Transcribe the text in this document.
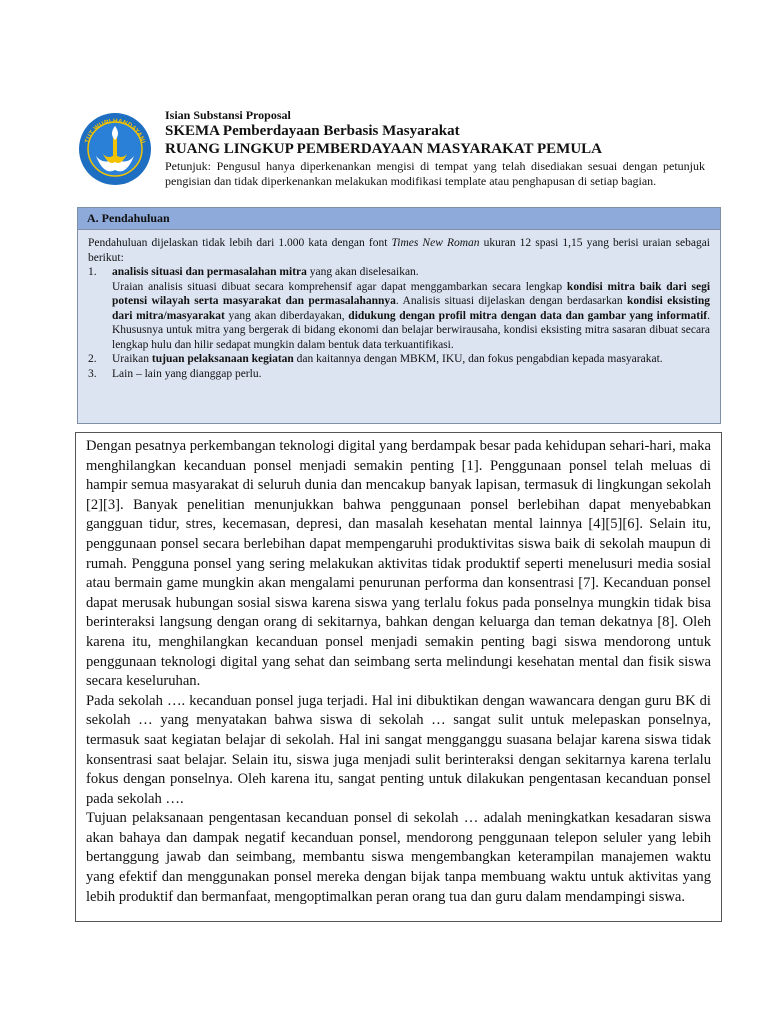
TUT WURI HANDAYANI
Isian Substansi Proposal
SKEMA Pemberdayaan Berbasis Masyarakat
RUANG LINGKUP PEMBERDAYAAN MASYARAKAT PEMULA
Petunjuk: Pengusul hanya diperkenankan mengisi di tempat yang telah disediakan sesuai dengan petunjuk pengisian dan tidak diperkenankan melakukan modifikasi template atau penghapusan di setiap bagian.
A. Pendahuluan
Pendahuluan dijelaskan tidak lebih dari 1.000 kata dengan font Times New Roman ukuran 12 spasi 1,15 yang berisi uraian sebagai berikut:
1. analisis situasi dan permasalahan mitra yang akan diselesaikan.
Uraian analisis situasi dibuat secara komprehensif agar dapat menggambarkan secara lengkap kondisi mitra baik dari segi potensi wilayah serta masyarakat dan permasalahannya. Analisis situasi dijelaskan dengan berdasarkan kondisi eksisting dari mitra/masyarakat yang akan diberdayakan, didukung dengan profil mitra dengan data dan gambar yang informatif. Khususnya untuk mitra yang bergerak di bidang ekonomi dan belajar berwirausaha, kondisi eksisting mitra sasaran dibuat secara lengkap hulu dan hilir sedapat mungkin dalam bentuk data terkuantifikasi.
2. Uraikan tujuan pelaksanaan kegiatan dan kaitannya dengan MBKM, IKU, dan fokus pengabdian kepada masyarakat.
3. Lain – lain yang dianggap perlu.

Dengan pesatnya perkembangan teknologi digital yang berdampak besar pada kehidupan sehari-hari, maka menghilangkan kecanduan ponsel menjadi semakin penting [1]. Penggunaan ponsel telah meluas di hampir semua masyarakat di seluruh dunia dan mencakup banyak lapisan, termasuk di lingkungan sekolah [2][3]. Banyak penelitian menunjukkan bahwa penggunaan ponsel berlebihan dapat menyebabkan gangguan tidur, stres, kecemasan, depresi, dan masalah kesehatan mental lainnya [4][5][6]. Selain itu, penggunaan ponsel secara berlebihan dapat mempengaruhi produktivitas siswa baik di sekolah maupun di rumah. Pengguna ponsel yang sering melakukan aktivitas tidak produktif seperti menelusuri media sosial atau bermain game mungkin akan mengalami penurunan performa dan konsentrasi [7]. Kecanduan ponsel dapat merusak hubungan sosial siswa karena siswa yang terlalu fokus pada ponselnya mungkin tidak bisa berinteraksi langsung dengan orang di sekitarnya, bahkan dengan keluarga dan teman dekatnya [8]. Oleh karena itu, menghilangkan kecanduan ponsel menjadi semakin penting bagi siswa mendorong untuk penggunaan teknologi digital yang sehat dan seimbang serta melindungi kesehatan mental dan fisik siswa secara keseluruhan.

Pada sekolah …. kecanduan ponsel juga terjadi. Hal ini dibuktikan dengan wawancara dengan guru BK di sekolah … yang menyatakan bahwa siswa di sekolah … sangat sulit untuk melepaskan ponselnya, termasuk saat kegiatan belajar di sekolah. Hal ini sangat mengganggu suasana belajar karena siswa tidak konsentrasi saat belajar. Selain itu, siswa juga menjadi sulit berinteraksi dengan sekitarnya karena terlalu fokus dengan ponselnya. Oleh karena itu, sangat penting untuk dilakukan pengentasan kecanduan ponsel pada sekolah ….

Tujuan pelaksanaan pengentasan kecanduan ponsel di sekolah … adalah meningkatkan kesadaran siswa akan bahaya dan dampak negatif kecanduan ponsel, mendorong penggunaan telepon seluler yang lebih bertanggung jawab dan seimbang, membantu siswa mengembangkan keterampilan manajemen waktu yang efektif dan menggunakan ponsel mereka dengan bijak tanpa membuang waktu untuk aktivitas yang lebih produktif dan bermanfaat, mengoptimalkan peran orang tua dan guru dalam mendampingi siswa.
